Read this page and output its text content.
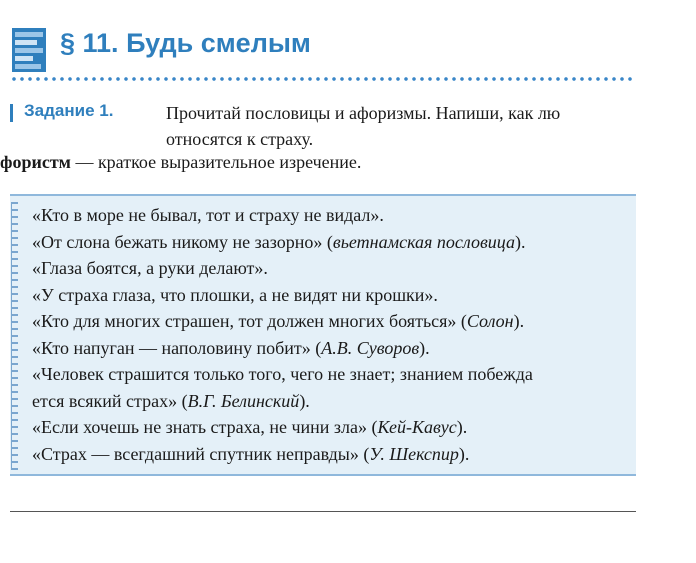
§ 11. Будь смелым
Задание 1.	Прочитай пословицы и афоризмы. Напиши, как лю
относятся к страху.
фористм — краткое выразительное изречение.
«Кто в море не бывал, тот и страху не видал».
«От слона бежать никому не зазорно» (вьетнамская пословица).
«Глаза боятся, а руки делают».
«У страха глаза, что плошки, а не видят ни крошки».
«Кто для многих страшен, тот должен многих бояться» (Солон).
«Кто напуган — наполовину побит» (А.В. Суворов).
«Человек страшится только того, чего не знает; знанием побежда
ется всякий страх» (В.Г. Белинский).
«Если хочешь не знать страха, не чини зла» (Кей-Кавус).
«Страх — всегдашний спутник неправды» (У. Шекспир).
